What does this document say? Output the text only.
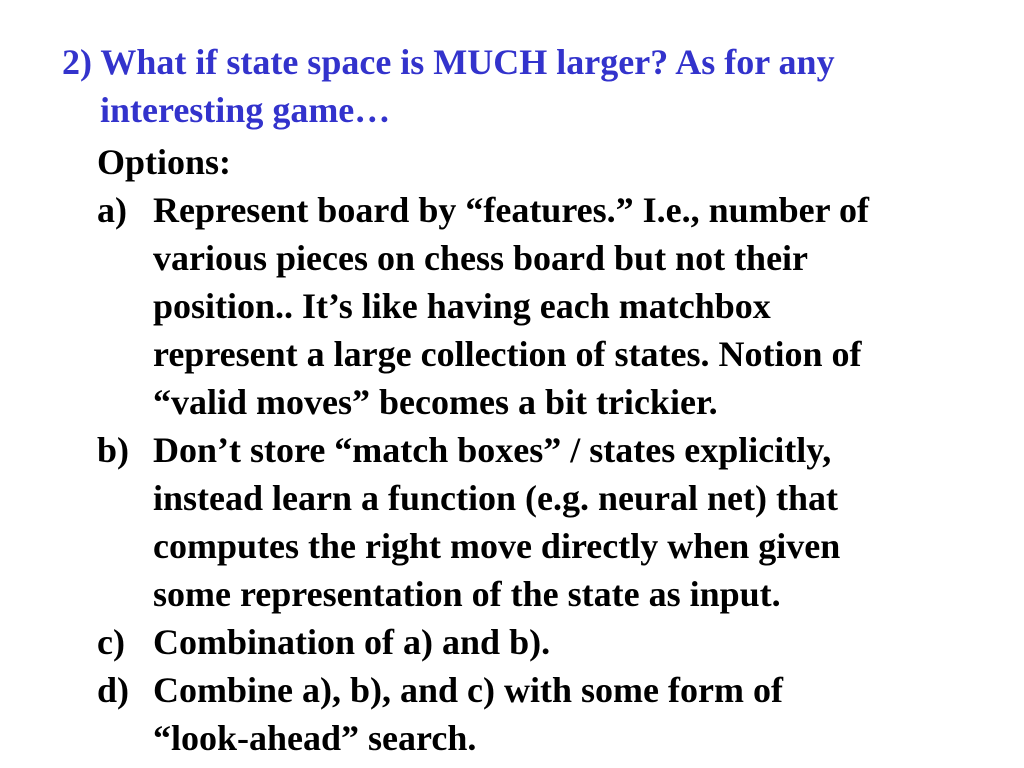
2) What if state space is MUCH larger? As for any
interesting game…
Options:
a) Represent board by “features.” I.e., number of
various pieces on chess board but not their
position.. It’s like having each matchbox
represent a large collection of states. Notion of
“valid moves” becomes a bit trickier.
b) Don’t store “match boxes” / states explicitly,
instead learn a function (e.g. neural net) that
computes the right move directly when given
some representation of the state as input.
c) Combination of a) and b).
d) Combine a), b), and c) with some form of
“look-ahead” search.
